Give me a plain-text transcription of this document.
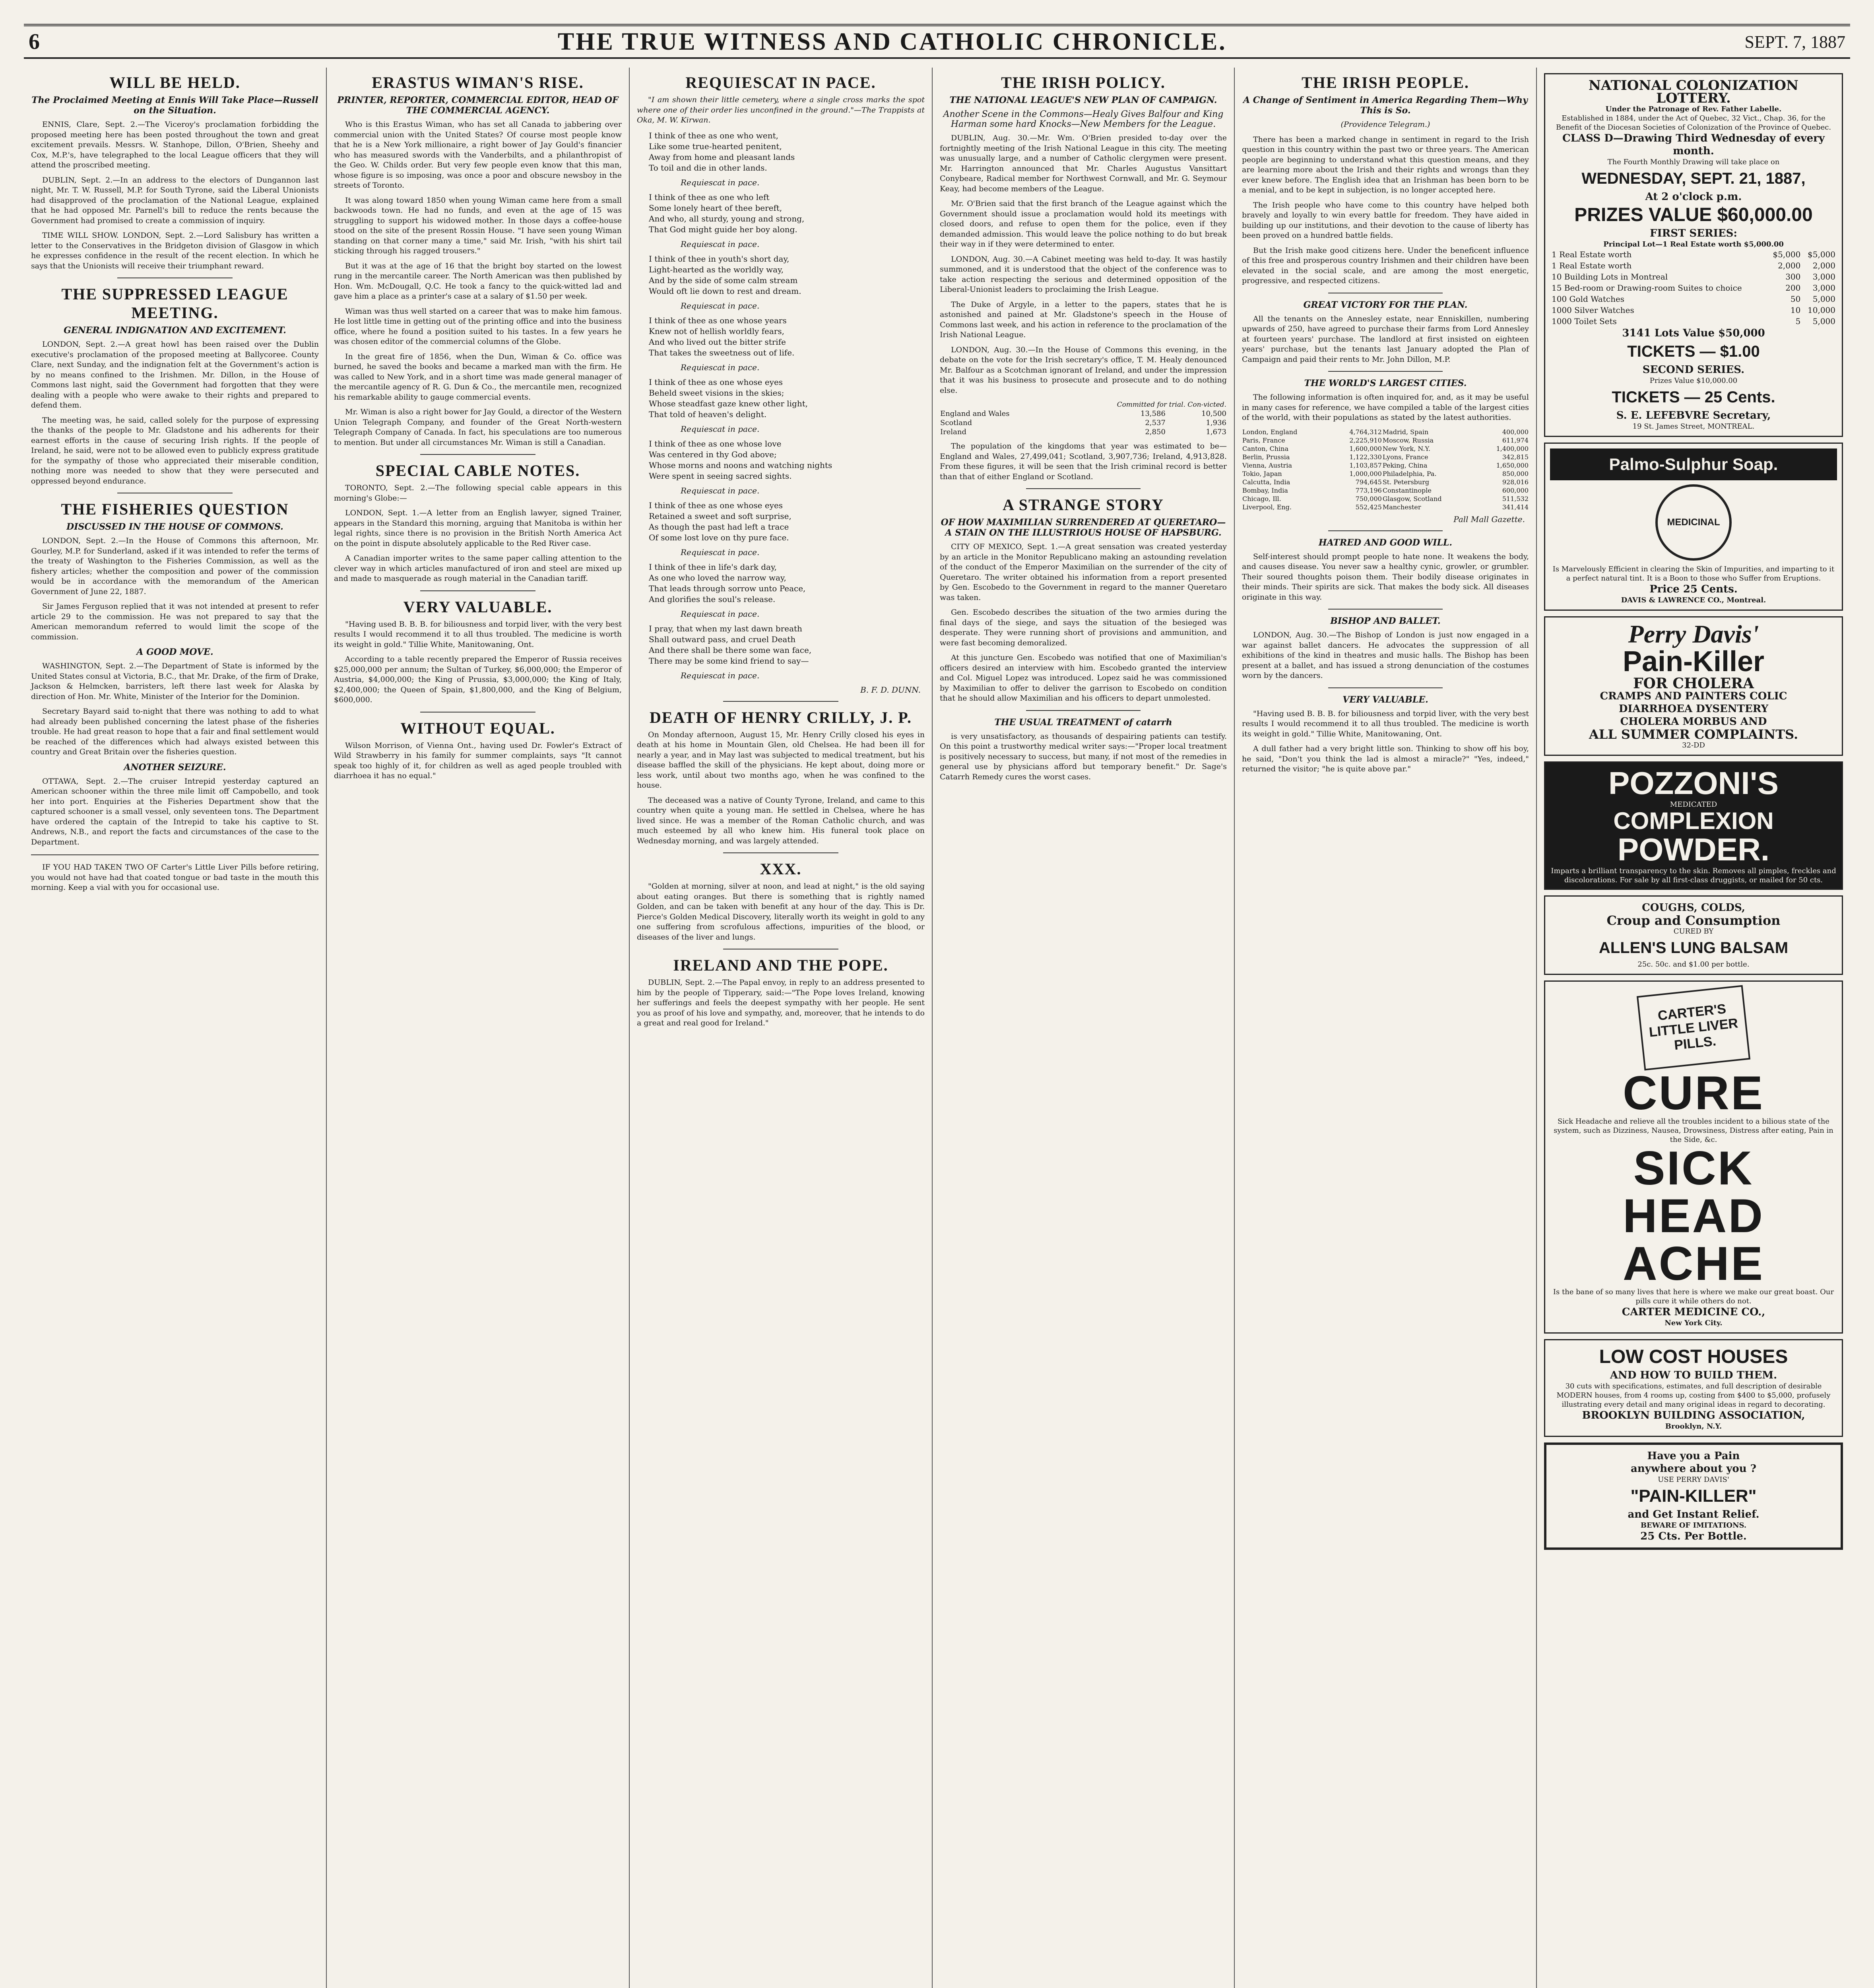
6	THE TRUE WITNESS AND CATHOLIC CHRONICLE.	SEPT. 7, 1887
WILL BE HELD.
The Proclaimed Meeting at Ennis Will Take Place—Russell on the Situation.

ENNIS, Clare, Sept. 2.—The Viceroy's proclamation forbidding the proposed meeting here has been posted throughout the town and great excitement prevails. Messrs. W. Stanhope, Dillon, O'Brien, Sheehy and Cox, M.P.'s, have telegraphed to the local League officers that they will attend the proscribed meeting.

DUBLIN, Sept. 2.—In an address to the electors of Dungannon last night, Mr. T. W. Russell, M.P. for South Tyrone, said the Liberal Unionists had disapproved of the proclamation of the National League, explained that he had opposed Mr. Parnell's bill to reduce the rents because the Government had promised to create a commission of inquiry.

TIME WILL SHOW. LONDON, Sept. 2.—Lord Salisbury has written a letter to the Conservatives in the Bridgeton division of Glasgow in which he expresses confidence in the result of the recent election. In which he says that the Unionists will receive their triumphant reward.

THE SUPPRESSED LEAGUE MEETING.
GENERAL INDIGNATION AND EXCITEMENT.

LONDON, Sept. 2.—A great howl has been raised over the Dublin executive's proclamation of the proposed meeting at Ballycoree. County Clare, next Sunday, and the indignation felt at the Government's action is by no means confined to the Irishmen. Mr. Dillon, in the House of Commons last night, said the Government had forgotten that they were dealing with a people who were awake to their rights and prepared to defend them.

The meeting was, he said, called solely for the purpose of expressing the thanks of the people to Mr. Gladstone and his adherents for their earnest efforts in the cause of securing Irish rights. If the people of Ireland, he said, were not to be allowed even to publicly express gratitude for the sympathy of those who appreciated their miserable condition, nothing more was needed to show that they were persecuted and oppressed beyond endurance.

THE FISHERIES QUESTION
DISCUSSED IN THE HOUSE OF COMMONS.

LONDON, Sept. 2.—In the House of Commons this afternoon, Mr. Gourley, M.P. for Sunderland, asked if it was intended to refer the terms of the treaty of Washington to the Fisheries Commission, as well as the fishery articles; whether the composition and power of the commission would be in accordance with the memorandum of the American Government of June 22, 1887.

Sir James Ferguson replied that it was not intended at present to refer article 29 to the commission. He was not prepared to say that the American memorandum referred to would limit the scope of the commission.

A GOOD MOVE.

WASHINGTON, Sept. 2.—The Department of State is informed by the United States consul at Victoria, B.C., that Mr. Drake, of the firm of Drake, Jackson & Helmcken, barristers, left there last week for Alaska by direction of Hon. Mr. White, Minister of the Interior for the Dominion.

Secretary Bayard said to-night that there was nothing to add to what had already been published concerning the latest phase of the fisheries trouble. He had great reason to hope that a fair and final settlement would be reached of the differences which had always existed between this country and Great Britain over the fisheries question.

ANOTHER SEIZURE.

OTTAWA, Sept. 2.—The cruiser Intrepid yesterday captured an American schooner within the three mile limit off Campobello, and took her into port. Enquiries at the Fisheries Department show that the captured schooner is a small vessel, only seventeen tons. The Department have ordered the captain of the Intrepid to take his captive to St. Andrews, N.B., and report the facts and circumstances of the case to the Department.

IF YOU HAD TAKEN TWO OF Carter's Little Liver Pills before retiring, you would not have had that coated tongue or bad taste in the mouth this morning. Keep a vial with you for occasional use.

ERASTUS WIMAN'S RISE.
PRINTER, REPORTER, COMMERCIAL EDITOR, HEAD OF THE COMMERCIAL AGENCY.

Who is this Erastus Wiman, who has set all Canada to jabbering over commercial union with the United States? Of course most people know that he is a New York millionaire, a right bower of Jay Gould's financier who has measured swords with the Vanderbilts, and a philanthropist of the Geo. W. Childs order. But very few people even know that this man, whose figure is so imposing, was once a poor and obscure newsboy in the streets of Toronto.

It was along toward 1850 when young Wiman came here from a small backwoods town. He had no funds, and even at the age of 15 was struggling to support his widowed mother. In those days a coffee-house stood on the site of the present Rossin House. "I have seen young Wiman standing on that corner many a time," said Mr. Irish, "with his shirt tail sticking through his ragged trousers."

But it was at the age of 16 that the bright boy started on the lowest rung in the mercantile career. The North American was then published by Hon. Wm. McDougall, Q.C. He took a fancy to the quick-witted lad and gave him a place as a printer's case at a salary of $1.50 per week.

Wiman was thus well started on a career that was to make him famous. He lost little time in getting out of the printing office and into the business office, where he found a position suited to his tastes. In a few years he was chosen editor of the commercial columns of the Globe.

In the great fire of 1856, when the Dun, Wiman & Co. office was burned, he saved the books and became a marked man with the firm. He was called to New York, and in a short time was made general manager of the mercantile agency of R. G. Dun & Co., the mercantile men, recognized his remarkable ability to gauge commercial events.

Mr. Wiman is also a right bower for Jay Gould, a director of the Western Union Telegraph Company, and founder of the Great North-western Telegraph Company of Canada. In fact, his speculations are too numerous to mention. But under all circumstances Mr. Wiman is still a Canadian.

SPECIAL CABLE NOTES.

TORONTO, Sept. 2.—The following special cable appears in this morning's Globe:—

LONDON, Sept. 1.—A letter from an English lawyer, signed Trainer, appears in the Standard this morning, arguing that Manitoba is within her legal rights, since there is no provision in the British North America Act on the point in dispute absolutely applicable to the Red River case.

A Canadian importer writes to the same paper calling attention to the clever way in which articles manufactured of iron and steel are mixed up and made to masquerade as rough material in the Canadian tariff.

VERY VALUABLE.

"Having used B. B. B. for biliousness and torpid liver, with the very best results I would recommend it to all thus troubled. The medicine is worth its weight in gold." Tillie White, Manitowaning, Ont.

According to a table recently prepared the Emperor of Russia receives $25,000,000 per annum; the Sultan of Turkey, $6,000,000; the Emperor of Austria, $4,000,000; the King of Prussia, $3,000,000; the King of Italy, $2,400,000; the Queen of Spain, $1,800,000, and the King of Belgium, $600,000.

WITHOUT EQUAL.

Wilson Morrison, of Vienna Ont., having used Dr. Fowler's Extract of Wild Strawberry in his family for summer complaints, says "It cannot speak too highly of it, for children as well as aged people troubled with diarrhoea it has no equal."

REQUIESCAT IN PACE.

"I am shown their little cemetery, where a single cross marks the spot where one of their order lies unconfined in the ground."—The Trappists at Oka, M. W. Kirwan.

I think of thee as one who went,
Like some true-hearted penitent,
Away from home and pleasant lands
To toil and die in other lands.
Requiescat in pace.
I think of thee as one who left
Some lonely heart of thee bereft,
And who, all sturdy, young and strong,
That God might guide her boy along.
Requiescat in pace.
I think of thee in youth's short day,
Light-hearted as the worldly way,
And by the side of some calm stream
Would oft lie down to rest and dream.
Requiescat in pace.
I think of thee as one whose years
Knew not of hellish worldly fears,
And who lived out the bitter strife
That takes the sweetness out of life.
Requiescat in pace.
I think of thee as one whose eyes
Beheld sweet visions in the skies;
Whose steadfast gaze knew other light,
That told of heaven's delight.
Requiescat in pace.
I think of thee as one whose love
Was centered in thy God above;
Whose morns and noons and watching nights
Were spent in seeing sacred sights.
Requiescat in pace.
I think of thee as one whose eyes
Retained a sweet and soft surprise,
As though the past had left a trace
Of some lost love on thy pure face.
Requiescat in pace.
I think of thee in life's dark day,
As one who loved the narrow way,
That leads through sorrow unto Peace,
And glorifies the soul's release.
Requiescat in pace.
I pray, that when my last dawn breath
Shall outward pass, and cruel Death
And there shall be there some wan face,
There may be some kind friend to say—
Requiescat in pace.
B. F. D. DUNN.
DEATH OF HENRY CRILLY, J. P.

On Monday afternoon, August 15, Mr. Henry Crilly closed his eyes in death at his home in Mountain Glen, old Chelsea. He had been ill for nearly a year, and in May last was subjected to medical treatment, but his disease baffled the skill of the physicians. He kept about, doing more or less work, until about two months ago, when he was confined to the house.

The deceased was a native of County Tyrone, Ireland, and came to this country when quite a young man. He settled in Chelsea, where he has lived since. He was a member of the Roman Catholic church, and was much esteemed by all who knew him. His funeral took place on Wednesday morning, and was largely attended.

XXX.

"Golden at morning, silver at noon, and lead at night," is the old saying about eating oranges. But there is something that is rightly named Golden, and can be taken with benefit at any hour of the day. This is Dr. Pierce's Golden Medical Discovery, literally worth its weight in gold to any one suffering from scrofulous affections, impurities of the blood, or diseases of the liver and lungs.

IRELAND AND THE POPE.

DUBLIN, Sept. 2.—The Papal envoy, in reply to an address presented to him by the people of Tipperary, said:—"The Pope loves Ireland, knowing her sufferings and feels the deepest sympathy with her people. He sent you as proof of his love and sympathy, and, moreover, that he intends to do a great and real good for Ireland."

THE IRISH POLICY.
THE NATIONAL LEAGUE'S NEW PLAN OF CAMPAIGN.
Another Scene in the Commons—Healy Gives Balfour and King Harman some hard Knocks—New Members for the League.

DUBLIN, Aug. 30.—Mr. Wm. O'Brien presided to-day over the fortnightly meeting of the Irish National League in this city. The meeting was unusually large, and a number of Catholic clergymen were present. Mr. Harrington announced that Mr. Charles Augustus Vansittart Conybeare, Radical member for Northwest Cornwall, and Mr. G. Seymour Keay, had become members of the League.

Mr. O'Brien said that the first branch of the League against which the Government should issue a proclamation would hold its meetings with closed doors, and refuse to open them for the police, even if they demanded admission. This would leave the police nothing to do but break their way in if they were determined to enter.

LONDON, Aug. 30.—A Cabinet meeting was held to-day. It was hastily summoned, and it is understood that the object of the conference was to take action respecting the serious and determined opposition of the Liberal-Unionist leaders to proclaiming the Irish League.

The Duke of Argyle, in a letter to the papers, states that he is astonished and pained at Mr. Gladstone's speech in the House of Commons last week, and his action in reference to the proclamation of the Irish National League.

LONDON, Aug. 30.—In the House of Commons this evening, in the debate on the vote for the Irish secretary's office, T. M. Healy denounced Mr. Balfour as a Scotchman ignorant of Ireland, and under the impression that it was his business to prosecute and prosecute and to do nothing else.

Committed for trial. Con-victed.		
England and Wales	13,586	10,500
Scotland	2,537	1,936
Ireland	2,850	1,673

The population of the kingdoms that year was estimated to be—England and Wales, 27,499,041; Scotland, 3,907,736; Ireland, 4,913,828. From these figures, it will be seen that the Irish criminal record is better than that of either England or Scotland.

A STRANGE STORY
OF HOW MAXIMILIAN SURRENDERED AT QUERETARO—A STAIN ON THE ILLUSTRIOUS HOUSE OF HAPSBURG.

CITY OF MEXICO, Sept. 1.—A great sensation was created yesterday by an article in the Monitor Republicano making an astounding revelation of the conduct of the Emperor Maximilian on the surrender of the city of Queretaro. The writer obtained his information from a report presented by Gen. Escobedo to the Government in regard to the manner Queretaro was taken.

Gen. Escobedo describes the situation of the two armies during the final days of the siege, and says the situation of the besieged was desperate. They were running short of provisions and ammunition, and were fast becoming demoralized.

At this juncture Gen. Escobedo was notified that one of Maximilian's officers desired an interview with him. Escobedo granted the interview and Col. Miguel Lopez was introduced. Lopez said he was commissioned by Maximilian to offer to deliver the garrison to Escobedo on condition that he should allow Maximilian and his officers to depart unmolested.

THE USUAL TREATMENT of catarrh

is very unsatisfactory, as thousands of despairing patients can testify. On this point a trustworthy medical writer says:—"Proper local treatment is positively necessary to success, but many, if not most of the remedies in general use by physicians afford but temporary benefit." Dr. Sage's Catarrh Remedy cures the worst cases.

THE IRISH PEOPLE.
A Change of Sentiment in America Regarding Them—Why This is So.

(Providence Telegram.)

There has been a marked change in sentiment in regard to the Irish question in this country within the past two or three years. The American people are beginning to understand what this question means, and they are learning more about the Irish and their rights and wrongs than they ever knew before. The English idea that an Irishman has been born to be a menial, and to be kept in subjection, is no longer accepted here.

The Irish people who have come to this country have helped both bravely and loyally to win every battle for freedom. They have aided in building up our institutions, and their devotion to the cause of liberty has been proved on a hundred battle fields.

But the Irish make good citizens here. Under the beneficent influence of this free and prosperous country Irishmen and their children have been elevated in the social scale, and are among the most energetic, progressive, and respected citizens.

GREAT VICTORY FOR THE PLAN.

All the tenants on the Annesley estate, near Enniskillen, numbering upwards of 250, have agreed to purchase their farms from Lord Annesley at fourteen years' purchase. The landlord at first insisted on eighteen years' purchase, but the tenants last January adopted the Plan of Campaign and paid their rents to Mr. John Dillon, M.P.

THE WORLD'S LARGEST CITIES.

The following information is often inquired for, and, as it may be useful in many cases for reference, we have compiled a table of the largest cities of the world, with their populations as stated by the latest authorities.

London, England	4,764,312	Madrid, Spain	400,000
Paris, France	2,225,910	Moscow, Russia	611,974
Canton, China	1,600,000	New York, N.Y.	1,400,000
Berlin, Prussia	1,122,330	Lyons, France	342,815
Vienna, Austria	1,103,857	Peking, China	1,650,000
Tokio, Japan	1,000,000	Philadelphia, Pa.	850,000
Calcutta, India	794,645	St. Petersburg	928,016
Bombay, India	773,196	Constantinople	600,000
Chicago, Ill.	750,000	Glasgow, Scotland	511,532
Liverpool, Eng.	552,425	Manchester	341,414
Pall Mall Gazette.
HATRED AND GOOD WILL.

Self-interest should prompt people to hate none. It weakens the body, and causes disease. You never saw a healthy cynic, growler, or grumbler. Their soured thoughts poison them. Their bodily disease originates in their minds. Their spirits are sick. That makes the body sick. All diseases originate in this way.

BISHOP AND BALLET.

LONDON, Aug. 30.—The Bishop of London is just now engaged in a war against ballet dancers. He advocates the suppression of all exhibitions of the kind in theatres and music halls. The Bishop has been present at a ballet, and has issued a strong denunciation of the costumes worn by the dancers.

VERY VALUABLE.

"Having used B. B. B. for biliousness and torpid liver, with the very best results I would recommend it to all thus troubled. The medicine is worth its weight in gold." Tillie White, Manitowaning, Ont.

A dull father had a very bright little son. Thinking to show off his boy, he said, "Don't you think the lad is almost a miracle?" "Yes, indeed," returned the visitor; "he is quite above par."

NATIONAL COLONIZATION LOTTERY.
Under the Patronage of Rev. Father Labelle.
Established in 1884, under the Act of Quebec, 32 Vict., Chap. 36, for the Benefit of the Diocesan Societies of Colonization of the Province of Quebec.
CLASS D—Drawing Third Wednesday of every month.
The Fourth Monthly Drawing will take place on
WEDNESDAY, SEPT. 21, 1887,
At 2 o'clock p.m.
PRIZES VALUE $60,000.00
FIRST SERIES:
Principal Lot—1 Real Estate worth $5,000.00
1 Real Estate worth	$5,000	$5,000
1 Real Estate worth	2,000	2,000
10 Building Lots in Montreal	300	3,000
15 Bed-room or Drawing-room Suites to choice	200	3,000
100 Gold Watches	50	5,000
1000 Silver Watches	10	10,000
1000 Toilet Sets	5	5,000
3141 Lots Value $50,000
TICKETS — $1.00
SECOND SERIES.
Prizes Value $10,000.00
TICKETS — 25 Cents.
S. E. LEFEBVRE Secretary,
19 St. James Street, MONTREAL.
Palmo-Sulphur Soap.
MEDICINAL
Is Marvelously Efficient in clearing the Skin of Impurities, and imparting to it a perfect natural tint. It is a Boon to those who Suffer from Eruptions.
Price 25 Cents.
DAVIS & LAWRENCE CO., Montreal.
Perry Davis'
Pain-Killer
FOR CHOLERA
CRAMPS AND PAINTERS COLIC
DIARRHOEA DYSENTERY
CHOLERA MORBUS AND
ALL SUMMER COMPLAINTS.
32-DD
POZZONI'S
MEDICATED
COMPLEXION
POWDER.
Imparts a brilliant transparency to the skin. Removes all pimples, freckles and discolorations. For sale by all first-class druggists, or mailed for 50 cts.
COUGHS, COLDS,
Croup and Consumption
CURED BY
ALLEN'S LUNG BALSAM
25c. 50c. and $1.00 per bottle.
CARTER'S LITTLE LIVER PILLS.
CURE
Sick Headache and relieve all the troubles incident to a bilious state of the system, such as Dizziness, Nausea, Drowsiness, Distress after eating, Pain in the Side, &c.
SICK
HEAD
ACHE
Is the bane of so many lives that here is where we make our great boast. Our pills cure it while others do not.
CARTER MEDICINE CO.,
New York City.
LOW COST HOUSES
AND HOW TO BUILD THEM.
30 cuts with specifications, estimates, and full description of desirable MODERN houses, from 4 rooms up, costing from $400 to $5,000, profusely illustrating every detail and many original ideas in regard to decorating.
BROOKLYN BUILDING ASSOCIATION,
Brooklyn, N.Y.
Have you a Pain
anywhere about you ?
USE PERRY DAVIS'
"PAIN-KILLER"
and Get Instant Relief.
BEWARE OF IMITATIONS.
25 Cts. Per Bottle.
